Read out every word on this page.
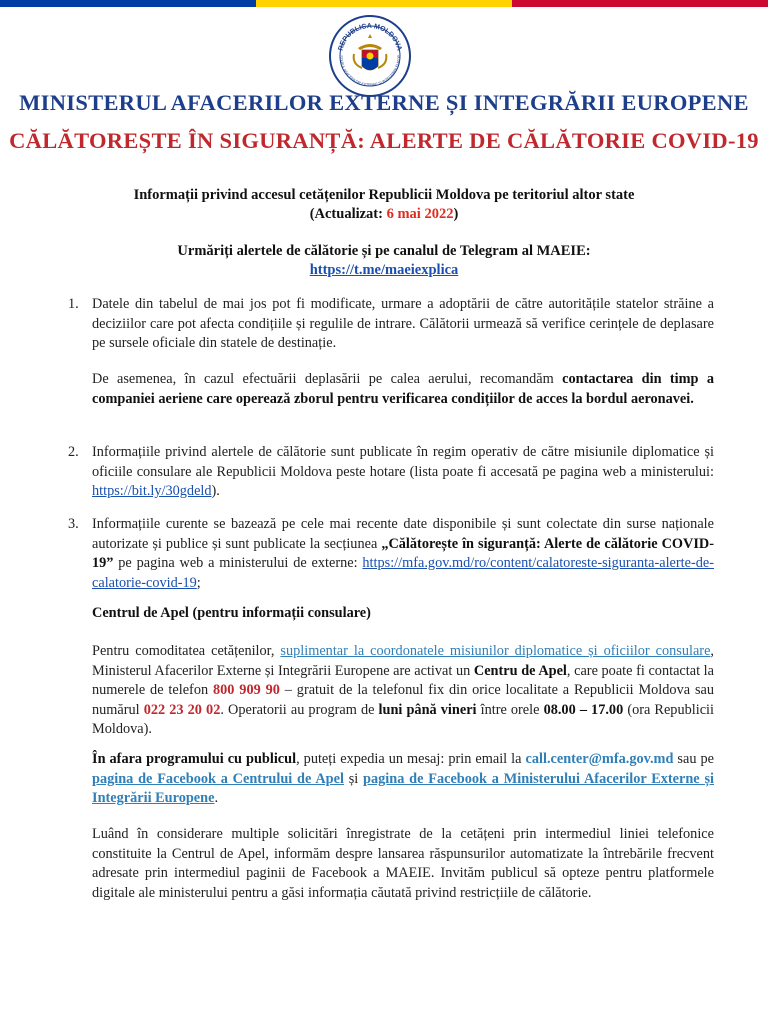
REPUBLICA MOLDOVA
STERUL AFACERILOR EXTERNE ȘI INTEGRĂRII EUROP
MINISTERUL AFACERILOR EXTERNE ȘI INTEGRĂRII EUROPENE
CĂLĂTOREȘTE ÎN SIGURANȚĂ: ALERTE DE CĂLĂTORIE COVID-19
Informații privind accesul cetățenilor Republicii Moldova pe teritoriul altor state
(Actualizat: 6 mai 2022)
Urmăriți alertele de călătorie și pe canalul de Telegram al MAEIE:
https://t.me/maeiexplica
1. Datele din tabelul de mai jos pot fi modificate, urmare a adoptării de către autoritățile statelor străine a deciziilor care pot afecta condițiile și regulile de intrare. Călătorii urmează să verifice cerințele de deplasare pe sursele oficiale din statele de destinație.
De asemenea, în cazul efectuării deplasării pe calea aerului, recomandăm contactarea din timp a companiei aeriene care operează zborul pentru verificarea condițiilor de acces la bordul aeronavei.
2. Informațiile privind alertele de călătorie sunt publicate în regim operativ de către misiunile diplomatice și oficiile consulare ale Republicii Moldova peste hotare (lista poate fi accesată pe pagina web a ministerului: https://bit.ly/30gdeld).
3. Informațiile curente se bazează pe cele mai recente date disponibile și sunt colectate din surse naționale autorizate și publice și sunt publicate la secțiunea „Călătorește în siguranță: Alerte de călătorie COVID-19” pe pagina web a ministerului de externe: https://mfa.gov.md/ro/content/calatoreste-siguranta-alerte-de-calatorie-covid-19;
Centrul de Apel (pentru informații consulare)
Pentru comoditatea cetățenilor, suplimentar la coordonatele misiunilor diplomatice și oficiilor consulare, Ministerul Afacerilor Externe și Integrării Europene are activat un Centru de Apel, care poate fi contactat la numerele de telefon 800 909 90 – gratuit de la telefonul fix din orice localitate a Republicii Moldova sau numărul 022 23 20 02. Operatorii au program de luni până vineri între orele 08.00 – 17.00 (ora Republicii Moldova).
În afara programului cu publicul, puteți expedia un mesaj: prin email la call.center@mfa.gov.md sau pe pagina de Facebook a Centrului de Apel și pagina de Facebook a Ministerului Afacerilor Externe și Integrării Europene.
Luând în considerare multiple solicitări înregistrate de la cetățeni prin intermediul liniei telefonice constituite la Centrul de Apel, informăm despre lansarea răspunsurilor automatizate la întrebările frecvent adresate prin intermediul paginii de Facebook a MAEIE. Invităm publicul să opteze pentru platformele digitale ale ministerului pentru a găsi informația căutată privind restricțiile de călătorie.
